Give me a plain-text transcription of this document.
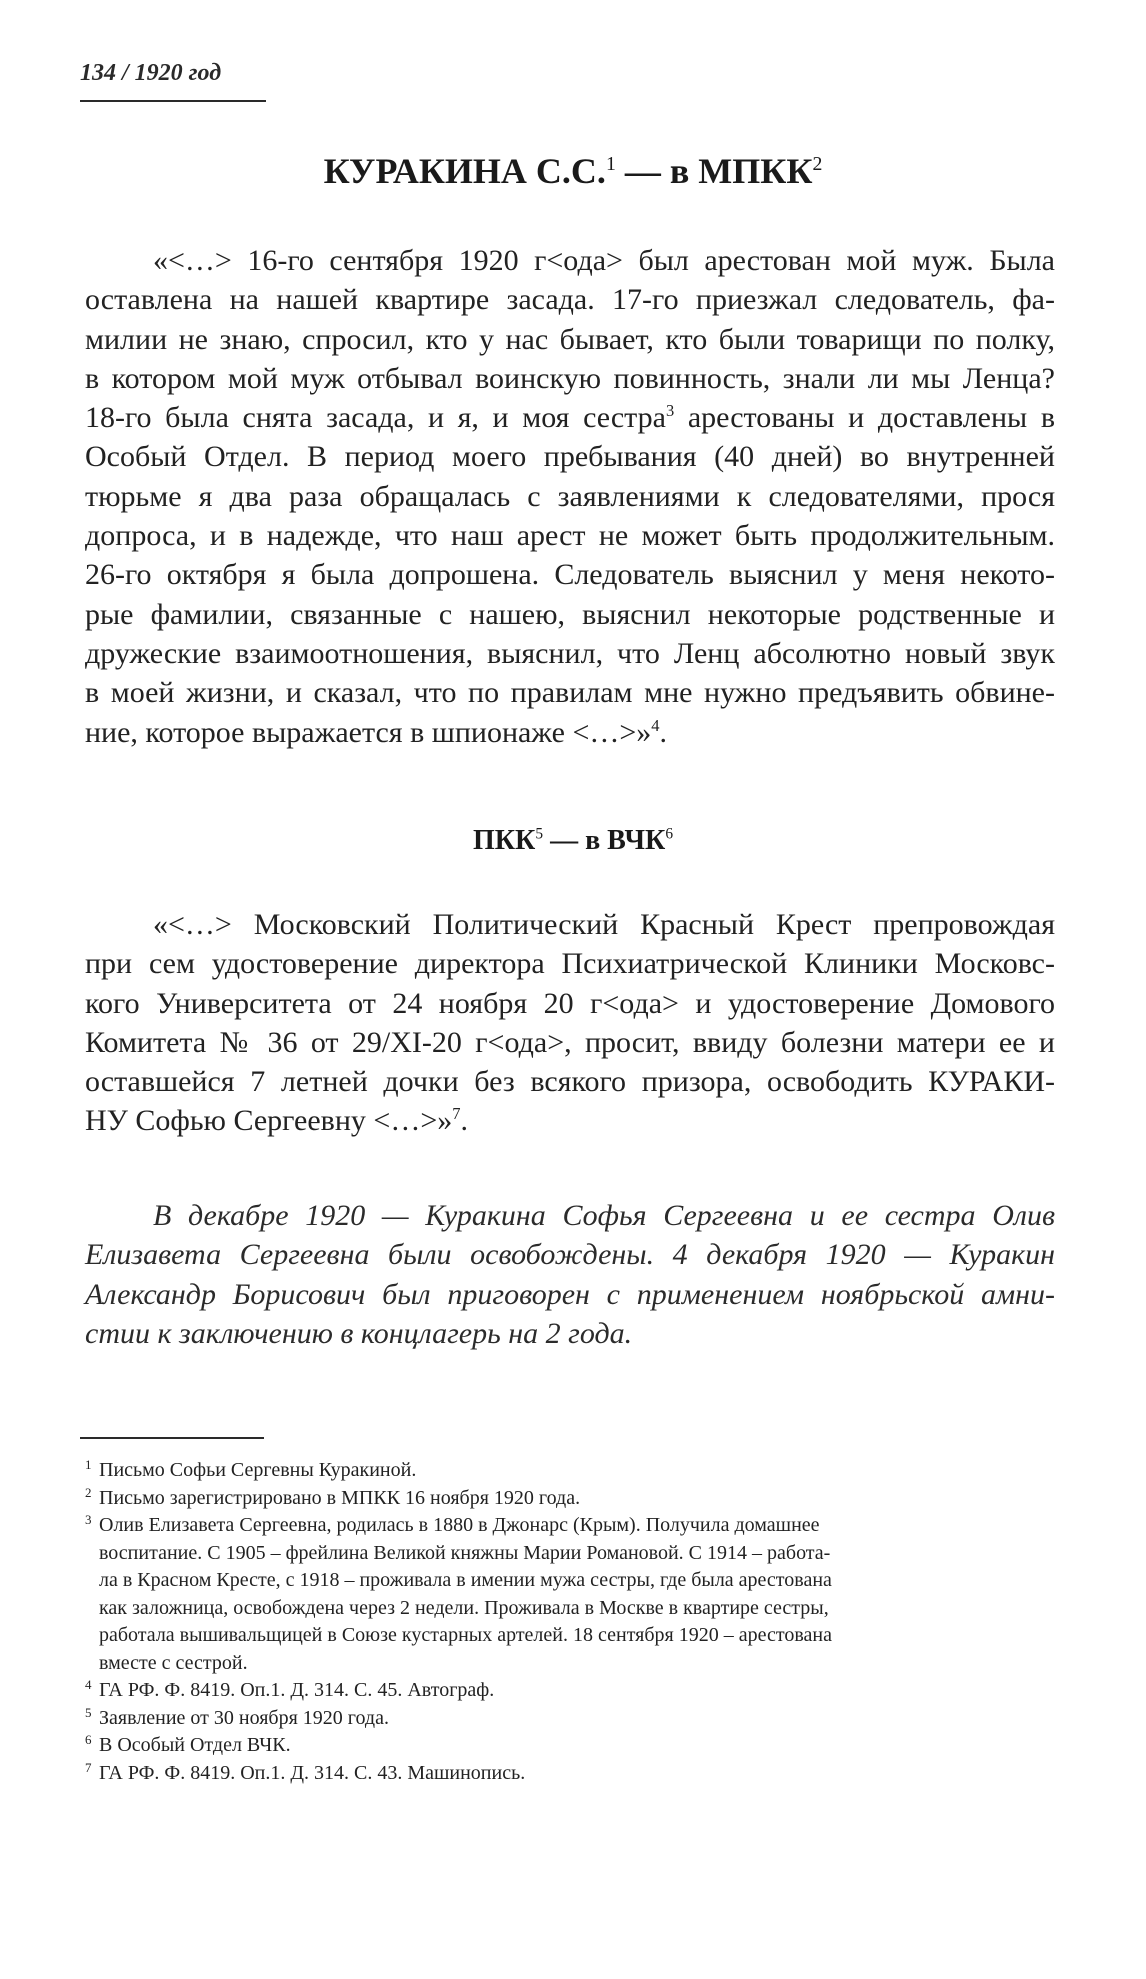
134 / 1920 год
КУРАКИНА С.С.$^1$ — в МПКК$^2$
«<…> 16-го сентября 1920 г<ода> был арестован мой муж. Была
оставлена на нашей квартире засада. 17-го приезжал следователь, фа-
милии не знаю, спросил, кто у нас бывает, кто были товарищи по полку,
в котором мой муж отбывал воинскую повинность, знали ли мы Ленца?
18-го была снята засада, и я, и моя сестра$^3$ арестованы и доставлены в
Особый Отдел. В период моего пребывания (40 дней) во внутренней
тюрьме я два раза обращалась с заявлениями к следователями, прося
допроса, и в надежде, что наш арест не может быть продолжительным.
26-го октября я была допрошена. Следователь выяснил у меня некото-
рые фамилии, связанные с нашею, выяснил некоторые родственные и
дружеские взаимоотношения, выяснил, что Ленц абсолютно новый звук
в моей жизни, и сказал, что по правилам мне нужно предъявить обвине-
ние, которое выражается в шпионаже <…>»$^4$.
ПКК$^5$ — в ВЧК$^6$
«<…> Московский Политический Красный Крест препровождая
при сем удостоверение директора Психиатрической Клиники Московс-
кого Университета от 24 ноября 20 г<ода> и удостоверение Домового
Комитета № 36 от 29/XI-20 г<ода>, просит, ввиду болезни матери ее и
оставшейся 7 летней дочки без всякого призора, освободить КУРАКИ-
НУ Софью Сергеевну <…>»$^7$.
В декабре 1920 — Куракина Софья Сергеевна и ее сестра Олив
Елизавета Сергеевна были освобождены. 4 декабря 1920 — Куракин
Александр Борисович был приговорен с применением ноябрьской амни-
стии к заключению в концлагерь на 2 года.
1 Письмо Софьи Сергевны Куракиной.
2 Письмо зарегистрировано в МПКК 16 ноября 1920 года.
3 Олив Елизавета Сергеевна, родилась в 1880 в Джонарс (Крым). Получила домашнее
воспитание. С 1905 – фрейлина Великой княжны Марии Романовой. С 1914 – работа-
ла в Красном Кресте, с 1918 – проживала в имении мужа сестры, где была арестована
как заложница, освобождена через 2 недели. Проживала в Москве в квартире сестры,
работала вышивальщицей в Союзе кустарных артелей. 18 сентября 1920 – арестована
вместе с сестрой.
4 ГА РФ. Ф. 8419. Оп.1. Д. 314. С. 45. Автограф.
5 Заявление от 30 ноября 1920 года.
6 В Особый Отдел ВЧК.
7 ГА РФ. Ф. 8419. Оп.1. Д. 314. С. 43. Машинопись.
